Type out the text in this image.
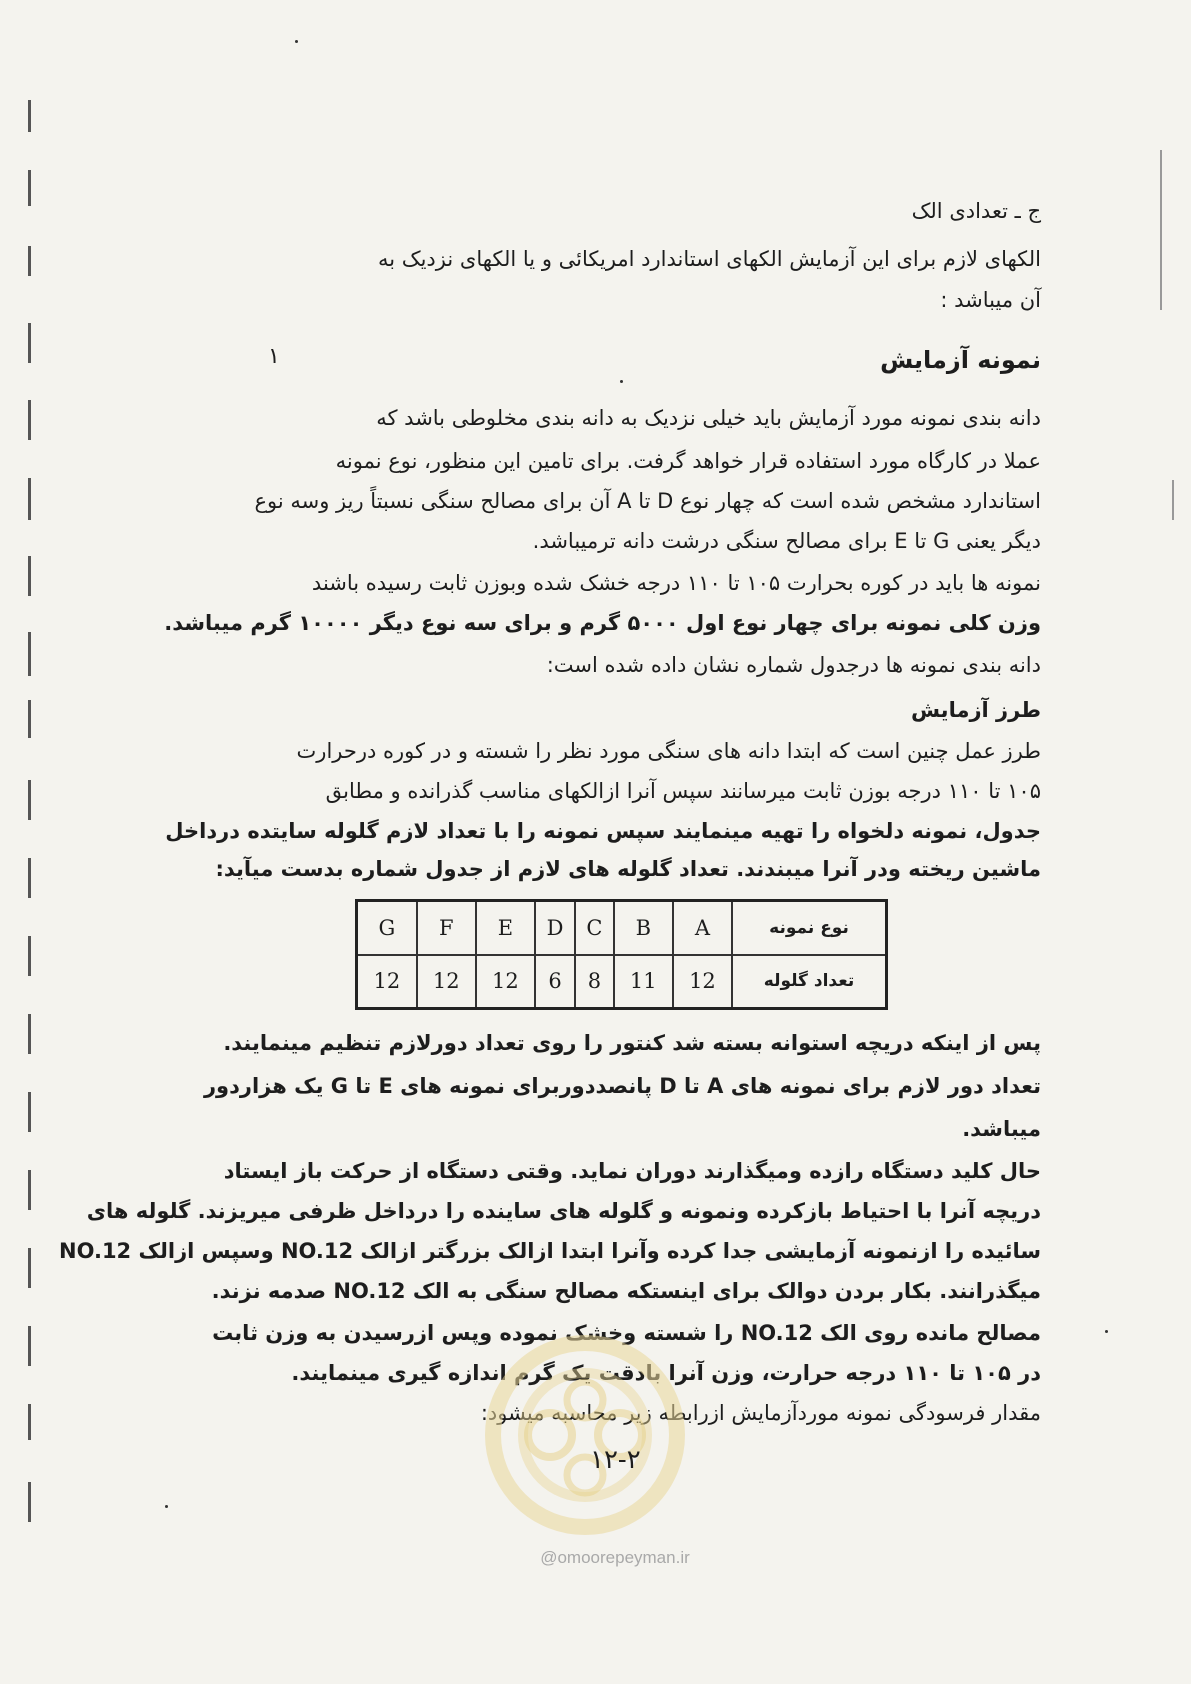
ج ـ تعدادی الک
الکهای لازم برای این آزمایش الکهای استاندارد امریکائی و یا الکهای نزدیک به
آن میباشد :
۱	نمونه آزمایش
دانه بندی نمونه مورد آزمایش باید خیلی نزدیک به دانه بندی مخلوطی باشد که
عملا در کارگاه مورد استفاده قرار خواهد گرفت. برای تامین این منظور، نوع نمونه
استاندارد مشخص شده است که چهار نوع D تا A آن برای مصالح سنگی نسبتاً ریز وسه نوع
دیگر یعنی G تا E برای مصالح سنگی درشت دانه ترمیباشد.
نمونه ها باید در کوره بحرارت ۱۰۵ تا ۱۱۰ درجه خشک شده وبوزن ثابت رسیده باشند
وزن کلی نمونه برای چهار نوع اول ۵۰۰۰ گرم و برای سه نوع دیگر ۱۰۰۰۰ گرم میباشد.
دانه بندی نمونه ها درجدول شماره نشان داده شده است:
طرز آزمایش
طرز عمل چنین است که ابتدا دانه های سنگی مورد نظر را شسته و در کوره درحرارت
۱۰۵ تا ۱۱۰ درجه بوزن ثابت میرسانند سپس آنرا ازالکهای مناسب گذرانده و مطابق
جدول، نمونه دلخواه را تهیه مینمایند سپس نمونه را با تعداد لازم گلوله سایتده درداخل
ماشین ریخته ودر آنرا میبندند. تعداد گلوله های لازم از جدول شماره بدست میآید:
نوع نمونه	A	B	C	D	E	F	G
تعداد گلوله	12	11	8	6	12	12	12
پس از اینکه دریچه استوانه بسته شد کنتور را روی تعداد دورلازم تنظیم مینمایند.
تعداد دور لازم برای نمونه های A تا D پانصددوربرای نمونه های E تا G یک هزاردور
میباشد.
حال کلید دستگاه رازده ومیگذارند دوران نماید. وقتی دستگاه از حرکت باز ایستاد
دریچه آنرا با احتیاط بازکرده ونمونه و گلوله های ساینده را درداخل ظرفی میریزند. گلوله های
سائیده را ازنمونه آزمایشی جدا کرده وآنرا ابتدا ازالک بزرگتر ازالک NO.12 وسپس ازالک NO.12
میگذرانند. بکار بردن دوالک برای اینستکه مصالح سنگی به الک NO.12 صدمه نزند.
مصالح مانده روی الک NO.12 را شسته وخشک نموده وپس ازرسیدن به وزن ثابت
در ۱۰۵ تا ۱۱۰ درجه حرارت، وزن آنرا بادقت یک گرم اندازه گیری مینمایند.
مقدار فرسودگی نمونه موردآزمایش ازرابطه زیر محاسبه میشود:
۱۲-۲
@omoorepeyman.ir
